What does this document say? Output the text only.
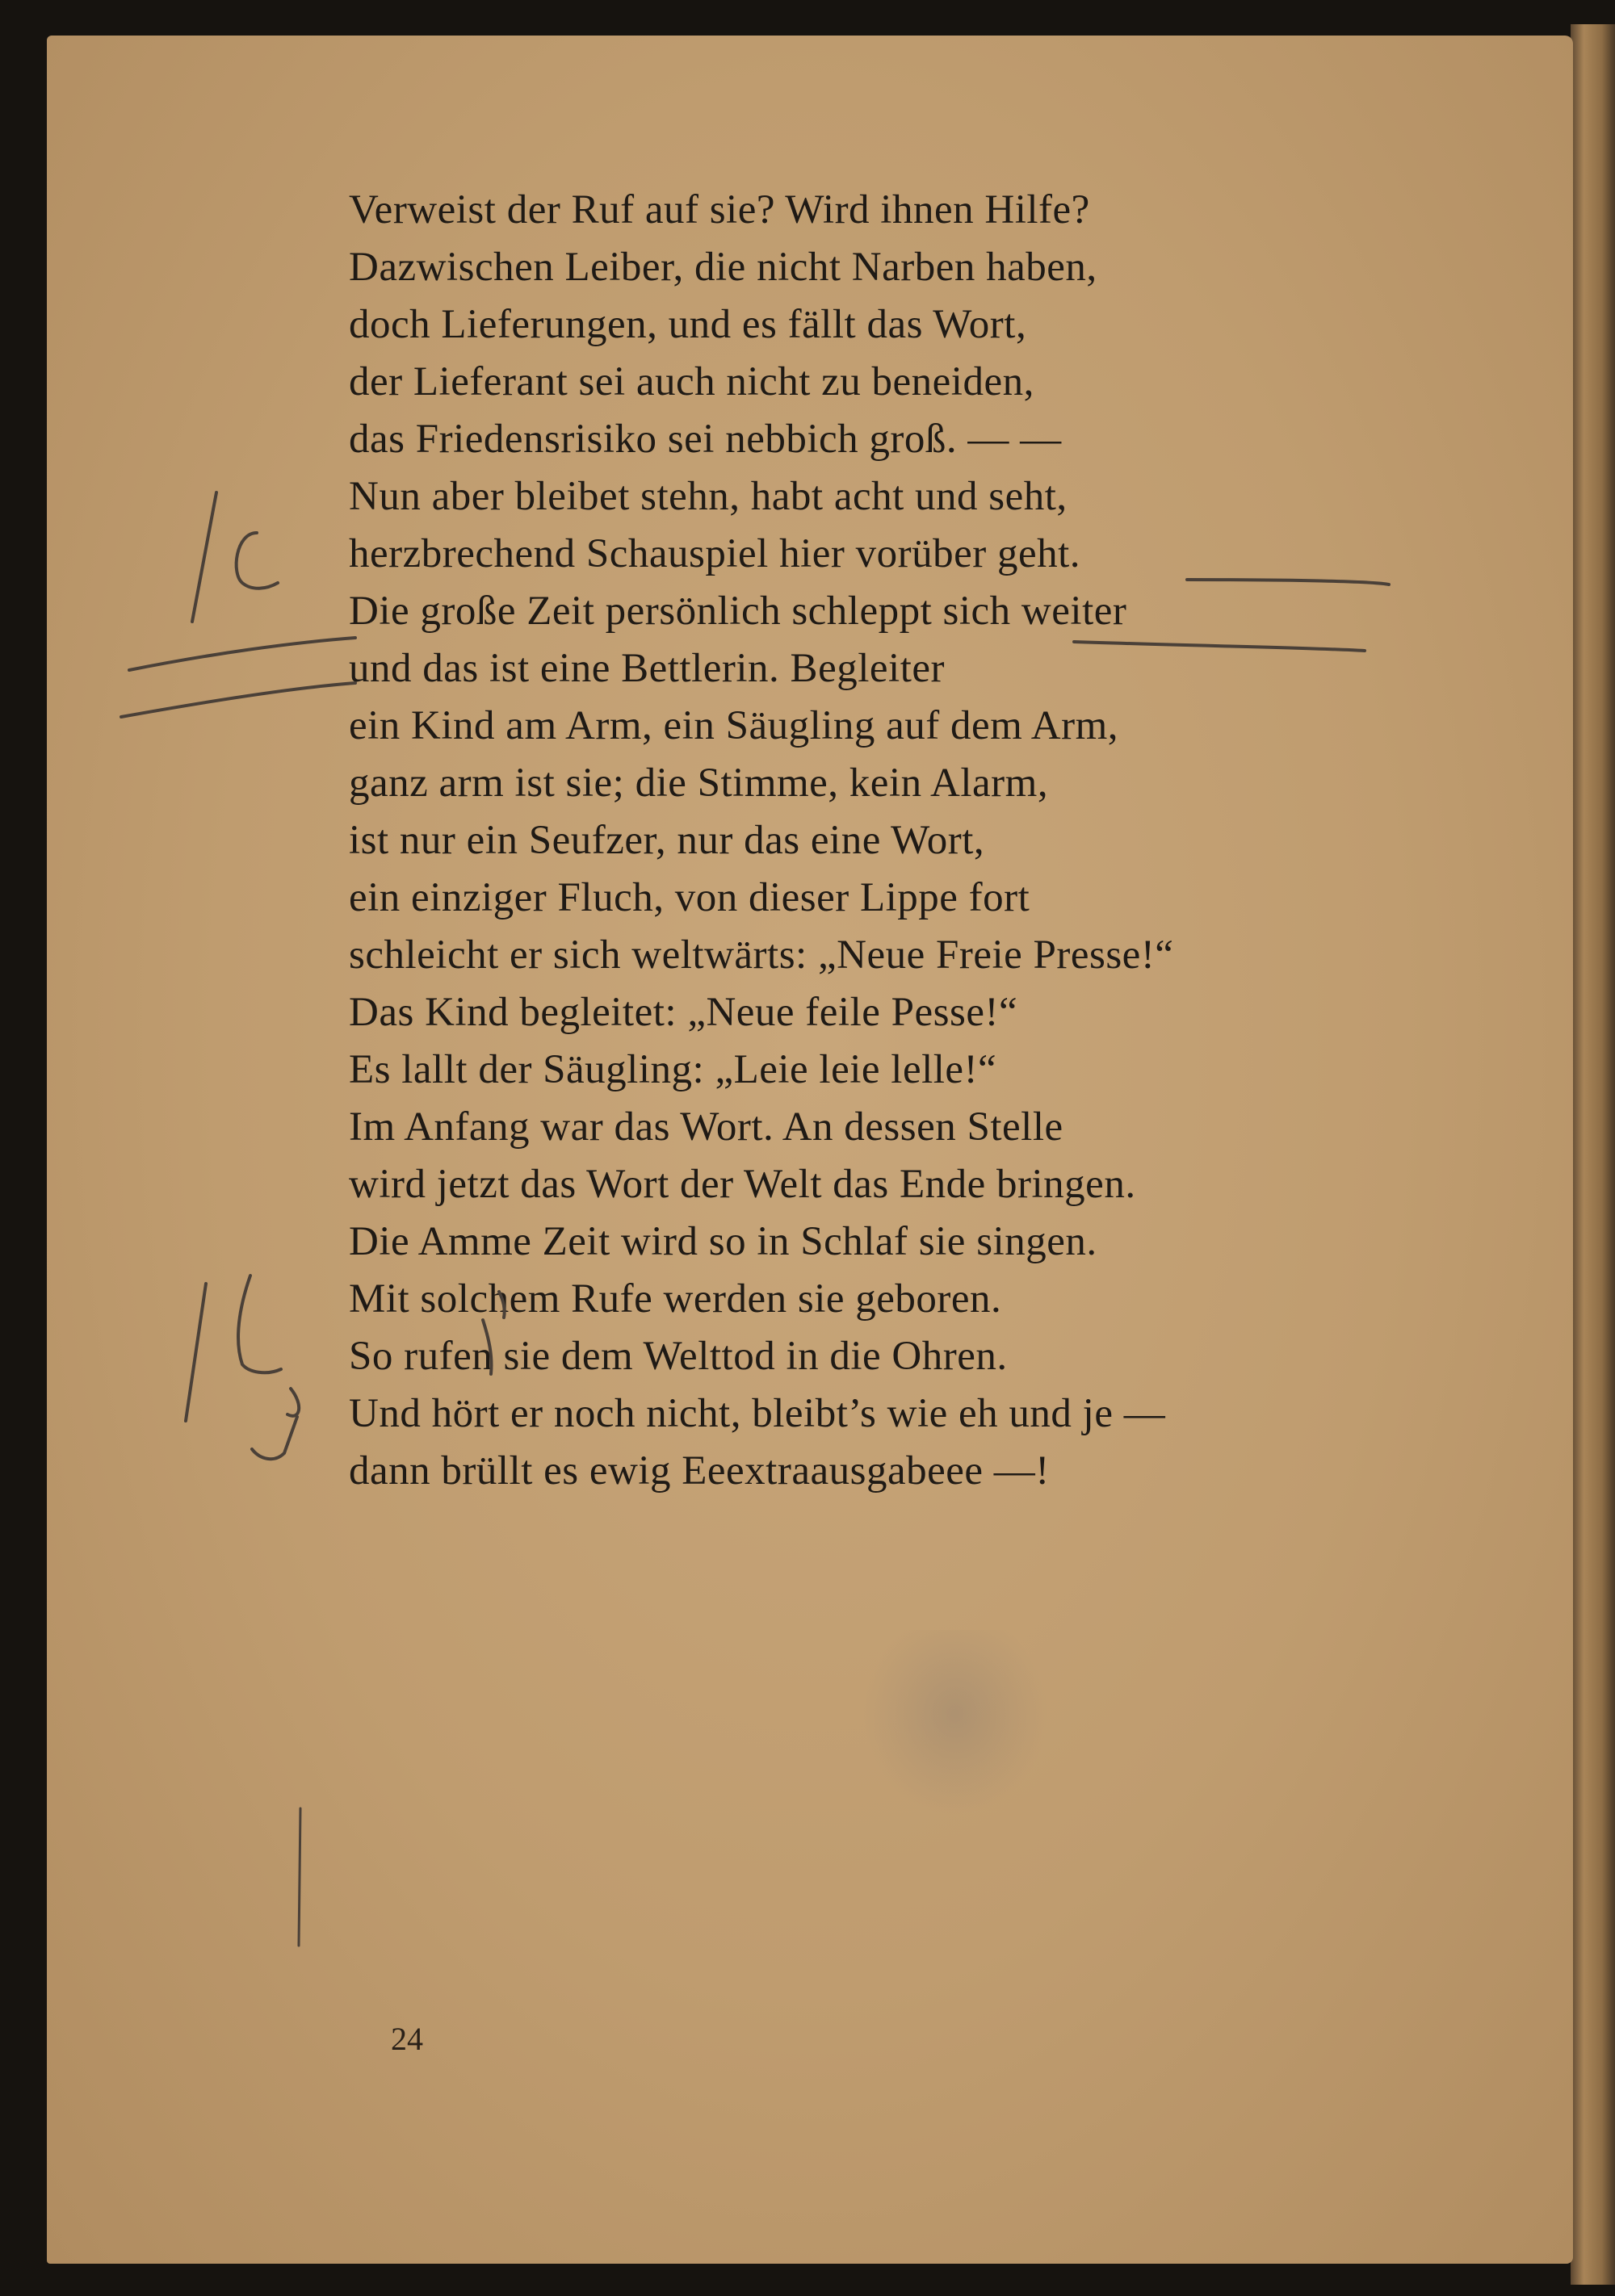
Verweist der Ruf auf sie? Wird ihnen Hilfe?
Dazwischen Leiber, die nicht Narben haben,
doch Lieferungen, und es fällt das Wort,
der Lieferant sei auch nicht zu beneiden,
das Friedensrisiko sei nebbich groß. — —
Nun aber bleibet stehn, habt acht und seht,
herzbrechend Schauspiel hier vorüber geht.
Die große Zeit persönlich schleppt sich weiter
und das ist eine Bettlerin. Begleiter
ein Kind am Arm, ein Säugling auf dem Arm,
ganz arm ist sie; die Stimme, kein Alarm,
ist nur ein Seufzer, nur das eine Wort,
ein einziger Fluch, von dieser Lippe fort
schleicht er sich weltwärts: „Neue Freie Presse!“
Das Kind begleitet: „Neue feile Pesse!“
Es lallt der Säugling: „Leie leie lelle!“
Im Anfang war das Wort. An dessen Stelle
wird jetzt das Wort der Welt das Ende bringen.
Die Amme Zeit wird so in Schlaf sie singen.
Mit solchem Rufe werden sie geboren.
So rufen sie dem Welttod in die Ohren.
Und hört er noch nicht, bleibt’s wie eh und je —
dann brüllt es ewig Eeextraausgabeee —!
24
